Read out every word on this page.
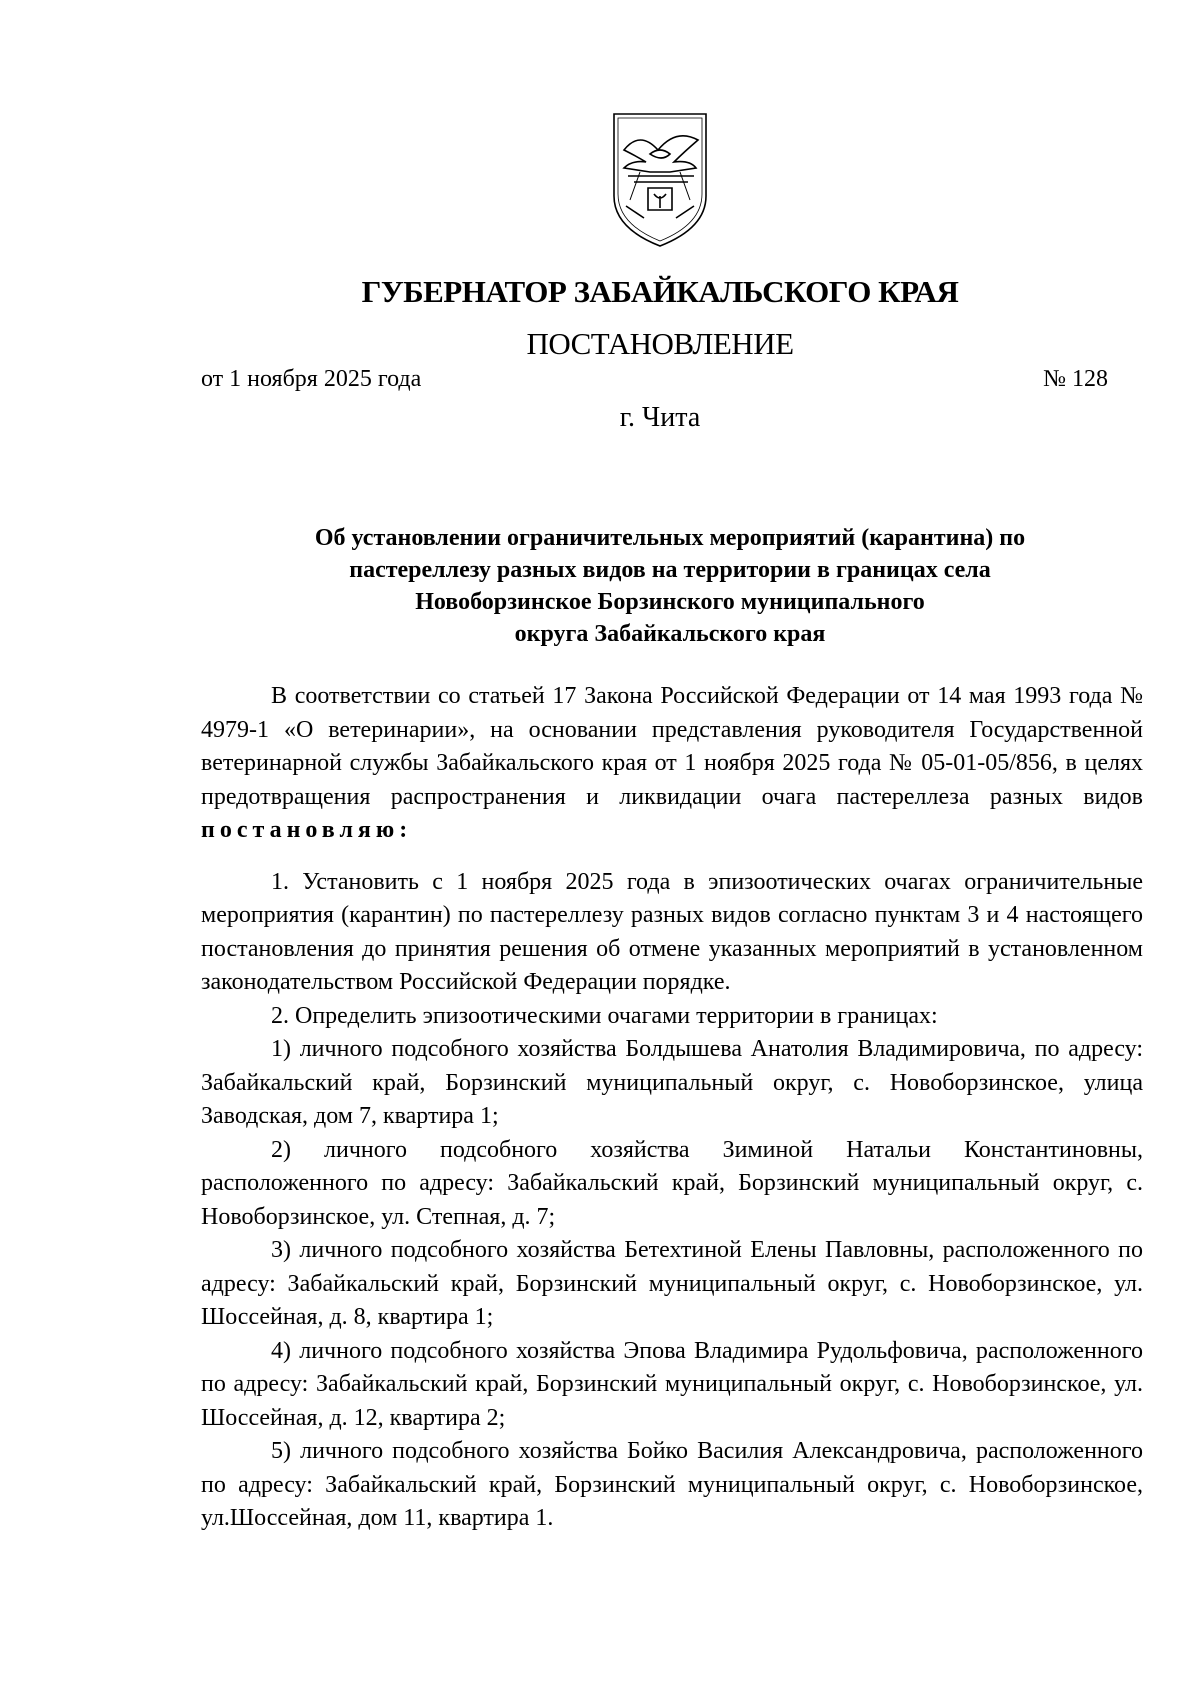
ГУБЕРНАТОР ЗАБАЙКАЛЬСКОГО КРАЯ
ПОСТАНОВЛЕНИЕ
от 1 ноября 2025 года	№ 128
г. Чита
Об установлении ограничительных мероприятий (карантина) по
пастереллезу разных видов на территории в границах села
Новоборзинское Борзинского муниципального
округа Забайкальского края

В соответствии со статьей 17 Закона Российской Федерации от 14 мая 1993 года № 4979-1 «О ветеринарии», на основании представления руководителя Государственной ветеринарной службы Забайкальского края от 1 ноября 2025 года № 05-01-05/856, в целях предотвращения распространения и ликвидации очага пастереллеза разных видов

постановляю:

1. Установить с 1 ноября 2025 года в эпизоотических очагах ограничительные мероприятия (карантин) по пастереллезу разных видов согласно пунктам 3 и 4 настоящего постановления до принятия решения об отмене указанных мероприятий в установленном законодательством Российской Федерации порядке.

2. Определить эпизоотическими очагами территории в границах:

1) личного подсобного хозяйства Болдышева Анатолия Владимировича, по адресу: Забайкальский край, Борзинский муниципальный округ, с. Новоборзинское, улица Заводская, дом 7, квартира 1;

2) личного подсобного хозяйства Зиминой Натальи Константиновны, расположенного по адресу: Забайкальский край, Борзинский муниципальный округ, с. Новоборзинское, ул. Степная, д. 7;

3) личного подсобного хозяйства Бетехтиной Елены Павловны, расположенного по адресу: Забайкальский край, Борзинский муниципальный округ, с. Новоборзинское, ул. Шоссейная, д. 8, квартира 1;

4) личного подсобного хозяйства Эпова Владимира Рудольфовича, расположенного по адресу: Забайкальский край, Борзинский муниципальный округ, с. Новоборзинское, ул. Шоссейная, д. 12, квартира 2;

5) личного подсобного хозяйства Бойко Василия Александровича, расположенного по адресу: Забайкальский край, Борзинский муниципальный округ, с. Новоборзинское, ул.Шоссейная, дом 11, квартира 1.
